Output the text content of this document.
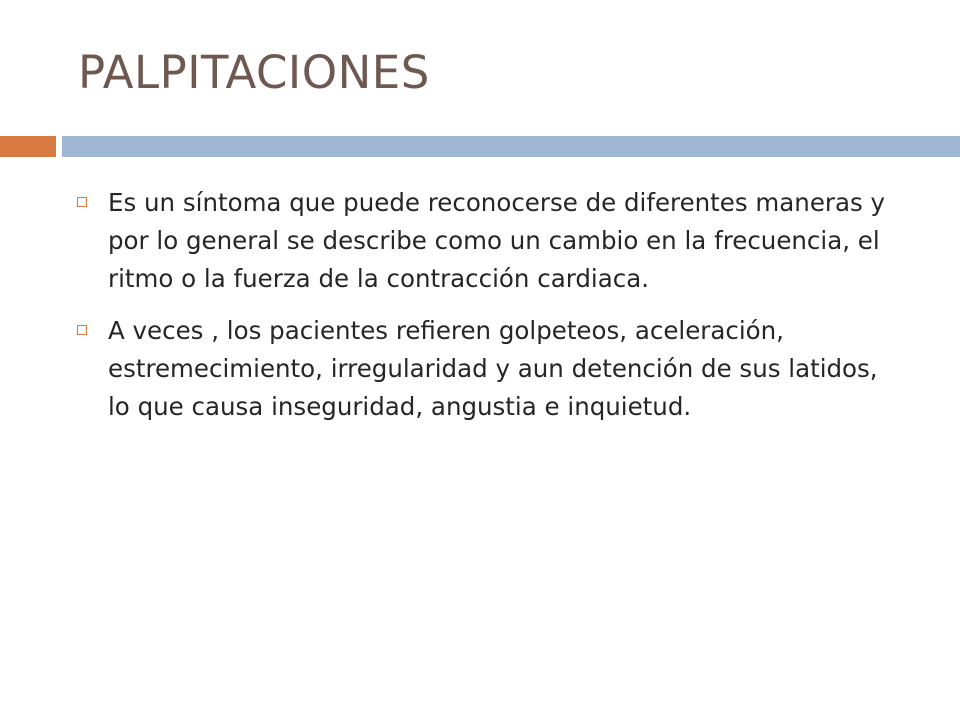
PALPITACIONES
Es un síntoma que puede reconocerse de diferentes maneras y por lo general se describe como un cambio en la frecuencia, el ritmo o la fuerza de la contracción cardiaca.
A veces , los pacientes refieren golpeteos, aceleración, estremecimiento, irregularidad y aun detención de sus latidos, lo que causa inseguridad, angustia e inquietud.
